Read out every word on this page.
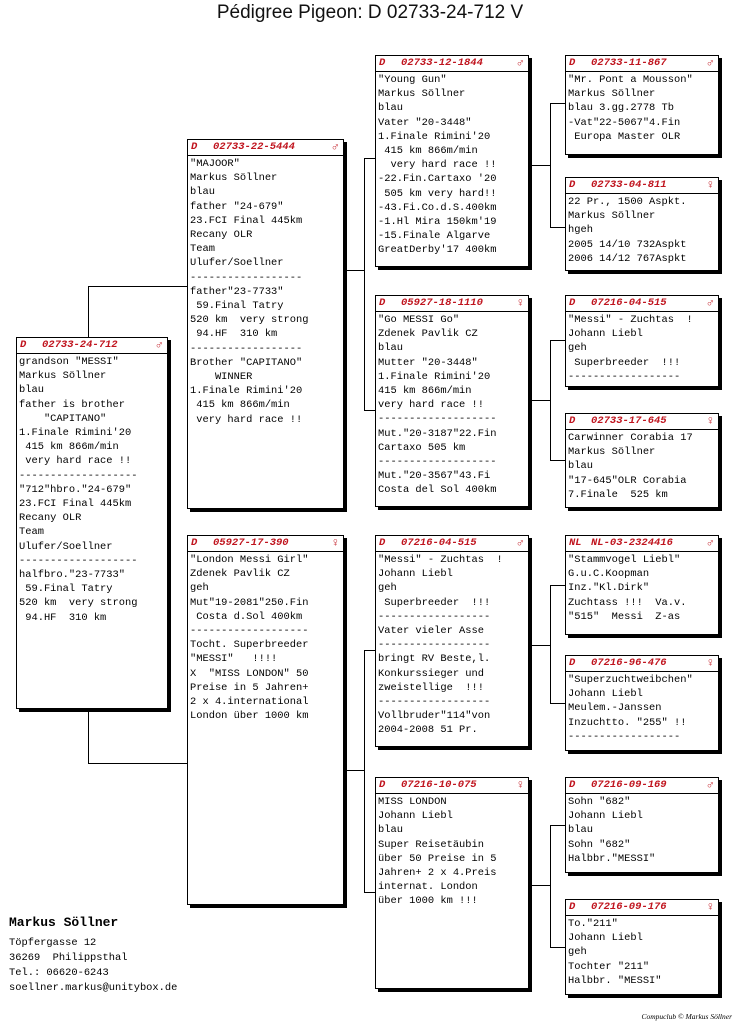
Pédigree Pigeon: D 02733-24-712 V
D 02733-24-712	♂
grandson "MESSI"
Markus Söllner
blau
father is brother
"CAPITANO"
1.Finale Rimini'20
415 km 866m/min
very hard race !!
-------------------
"712"hbro."24-679"
23.FCI Final 445km
Recany OLR
Team
Ulufer/Soellner
-------------------
halfbro."23-7733"
59.Final Tatry
520 km  very strong
94.HF  310 km
D 02733-22-5444	♂
"MAJOOR"
Markus Söllner
blau
father "24-679"
23.FCI Final 445km
Recany OLR
Team
Ulufer/Soellner
------------------
father"23-7733"
59.Final Tatry
520 km  very strong
94.HF  310 km
------------------
Brother "CAPITANO"
WINNER
1.Finale Rimini'20
415 km 866m/min
very hard race !!
D 05927-17-390	♀
"London Messi Girl"
Zdenek Pavlik CZ
geh
Mut"19-2081"250.Fin
Costa d.Sol 400km
-------------------
Tocht. Superbreeder
"MESSI"   !!!!
X  "MISS LONDON" 50
Preise in 5 Jahren+
2 x 4.international
London über 1000 km
D 02733-12-1844	♂
"Young Gun"
Markus Söllner
blau
Vater "20-3448"
1.Finale Rimini'20
415 km 866m/min
very hard race !!
-22.Fin.Cartaxo '20
505 km very hard!!
-43.Fi.Co.d.S.400km
-1.Hl Mira 150km'19
-15.Finale Algarve
GreatDerby'17 400km
D 05927-18-1110	♀
"Go MESSI Go"
Zdenek Pavlik CZ
blau
Mutter "20-3448"
1.Finale Rimini'20
415 km 866m/min
very hard race !!
-------------------
Mut."20-3187"22.Fin
Cartaxo 505 km
-------------------
Mut."20-3567"43.Fi
Costa del Sol 400km
D 07216-04-515	♂
"Messi" - Zuchtas  !
Johann Liebl
geh
Superbreeder  !!!
------------------
Vater vieler Asse
------------------
bringt RV Beste,l.
Konkurssieger und
zweistellige  !!!
------------------
Vollbruder"114"von
2004-2008 51 Pr.
D 07216-10-075	♀
MISS LONDON
Johann Liebl
blau
Super Reisetäubin
über 50 Preise in 5
Jahren+ 2 x 4.Preis
internat. London
über 1000 km !!!
D 02733-11-867	♂
"Mr. Pont a Mousson"
Markus Söllner
blau 3.gg.2778 Tb
-Vat"22-5067"4.Fin
Europa Master OLR
D 02733-04-811	♀
22 Pr., 1500 Aspkt.
Markus Söllner
hgeh
2005 14/10 732Aspkt
2006 14/12 767Aspkt
D 07216-04-515	♂
"Messi" - Zuchtas  !
Johann Liebl
geh
Superbreeder  !!!
------------------
D 02733-17-645	♀
Carwinner Corabia 17
Markus Söllner
blau
"17-645"OLR Corabia
7.Finale  525 km
NL NL-03-2324416	♂
"Stammvogel Liebl"
G.u.C.Koopman
Inz."Kl.Dirk"
Zuchtass !!!  Va.v.
"515"  Messi  Z-as
D 07216-96-476	♀
"Superzuchtweibchen"
Johann Liebl
Meulem.-Janssen
Inzuchtto. "255" !!
------------------
D 07216-09-169	♂
Sohn "682"
Johann Liebl
blau
Sohn "682"
Halbbr."MESSI"
D 07216-09-176	♀
To."211"
Johann Liebl
geh
Tochter "211"
Halbbr. "MESSI"
Markus Söllner
Töpfergasse 12
36269  Philippsthal
Tel.: 06620-6243
soellner.markus@unitybox.de
Compuclub © Markus Söllner
